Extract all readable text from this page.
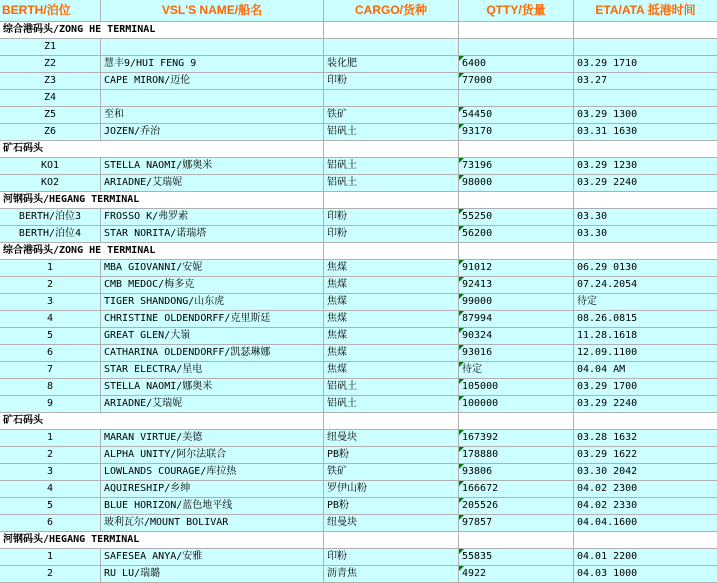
BERTH/泊位	VSL'S NAME/船名	CARGO/货种	QTTY/货量	ETA/ATA 抵港时间
综合港码头/ZONG HE TERMINAL
Z1
Z2	慧丰9/HUI FENG 9	装化肥	6400	03.29 1710
Z3	CAPE MIRON/迈伦	印粉	77000	03.27
Z4
Z5	至和	铁矿	54450	03.29 1300
Z6	JOZEN/乔治	铝矾土	93170	03.31 1630
矿石码头
KO1	STELLA NAOMI/娜奥米	铝矾土	73196	03.29 1230
KO2	ARIADNE/艾瑞妮	铝矾土	98000	03.29 2240
河钢码头/HEGANG TERMINAL
BERTH/泊位3	FROSSO K/弗罗索	印粉	55250	03.30
BERTH/泊位4	STAR NORITA/诺瑞塔	印粉	56200	03.30
综合港码头/ZONG HE TERMINAL
1	MBA GIOVANNI/安妮	焦煤	91012	06.29 0130
2	CMB MEDOC/梅多克	焦煤	92413	07.24.2054
3	TIGER SHANDONG/山东虎	焦煤	99000	待定
4	CHRISTINE OLDENDORFF/克里斯廷	焦煤	87994	08.26.0815
5	GREAT GLEN/大嶺	焦煤	90324	11.28.1618
6	CATHARINA OLDENDORFF/凯瑟琳娜	焦煤	93016	12.09.1100
7	STAR ELECTRA/星电	焦煤	待定	04.04 AM
8	STELLA NAOMI/娜奥米	铝矾土	105000	03.29 1700
9	ARIADNE/艾瑞妮	铝矾土	100000	03.29 2240
矿石码头
1	MARAN VIRTUE/美德	纽曼块	167392	03.28 1632
2	ALPHA UNITY/阿尔法联合	PB粉	178880	03.29 1622
3	LOWLANDS COURAGE/库拉热	铁矿	93806	03.30 2042
4	AQUIRESHIP/乡绅	罗伊山粉	166672	04.02 2300
5	BLUE HORIZON/蓝色地平线	PB粉	205526	04.02 2330
6	玻利瓦尔/MOUNT BOLIVAR	纽曼块	97857	04.04.1600
河钢码头/HEGANG TERMINAL
1	SAFESEA ANYA/安雅	印粉	55835	04.01 2200
2	RU LU/瑞璐	沥青焦	4922	04.03 1000
